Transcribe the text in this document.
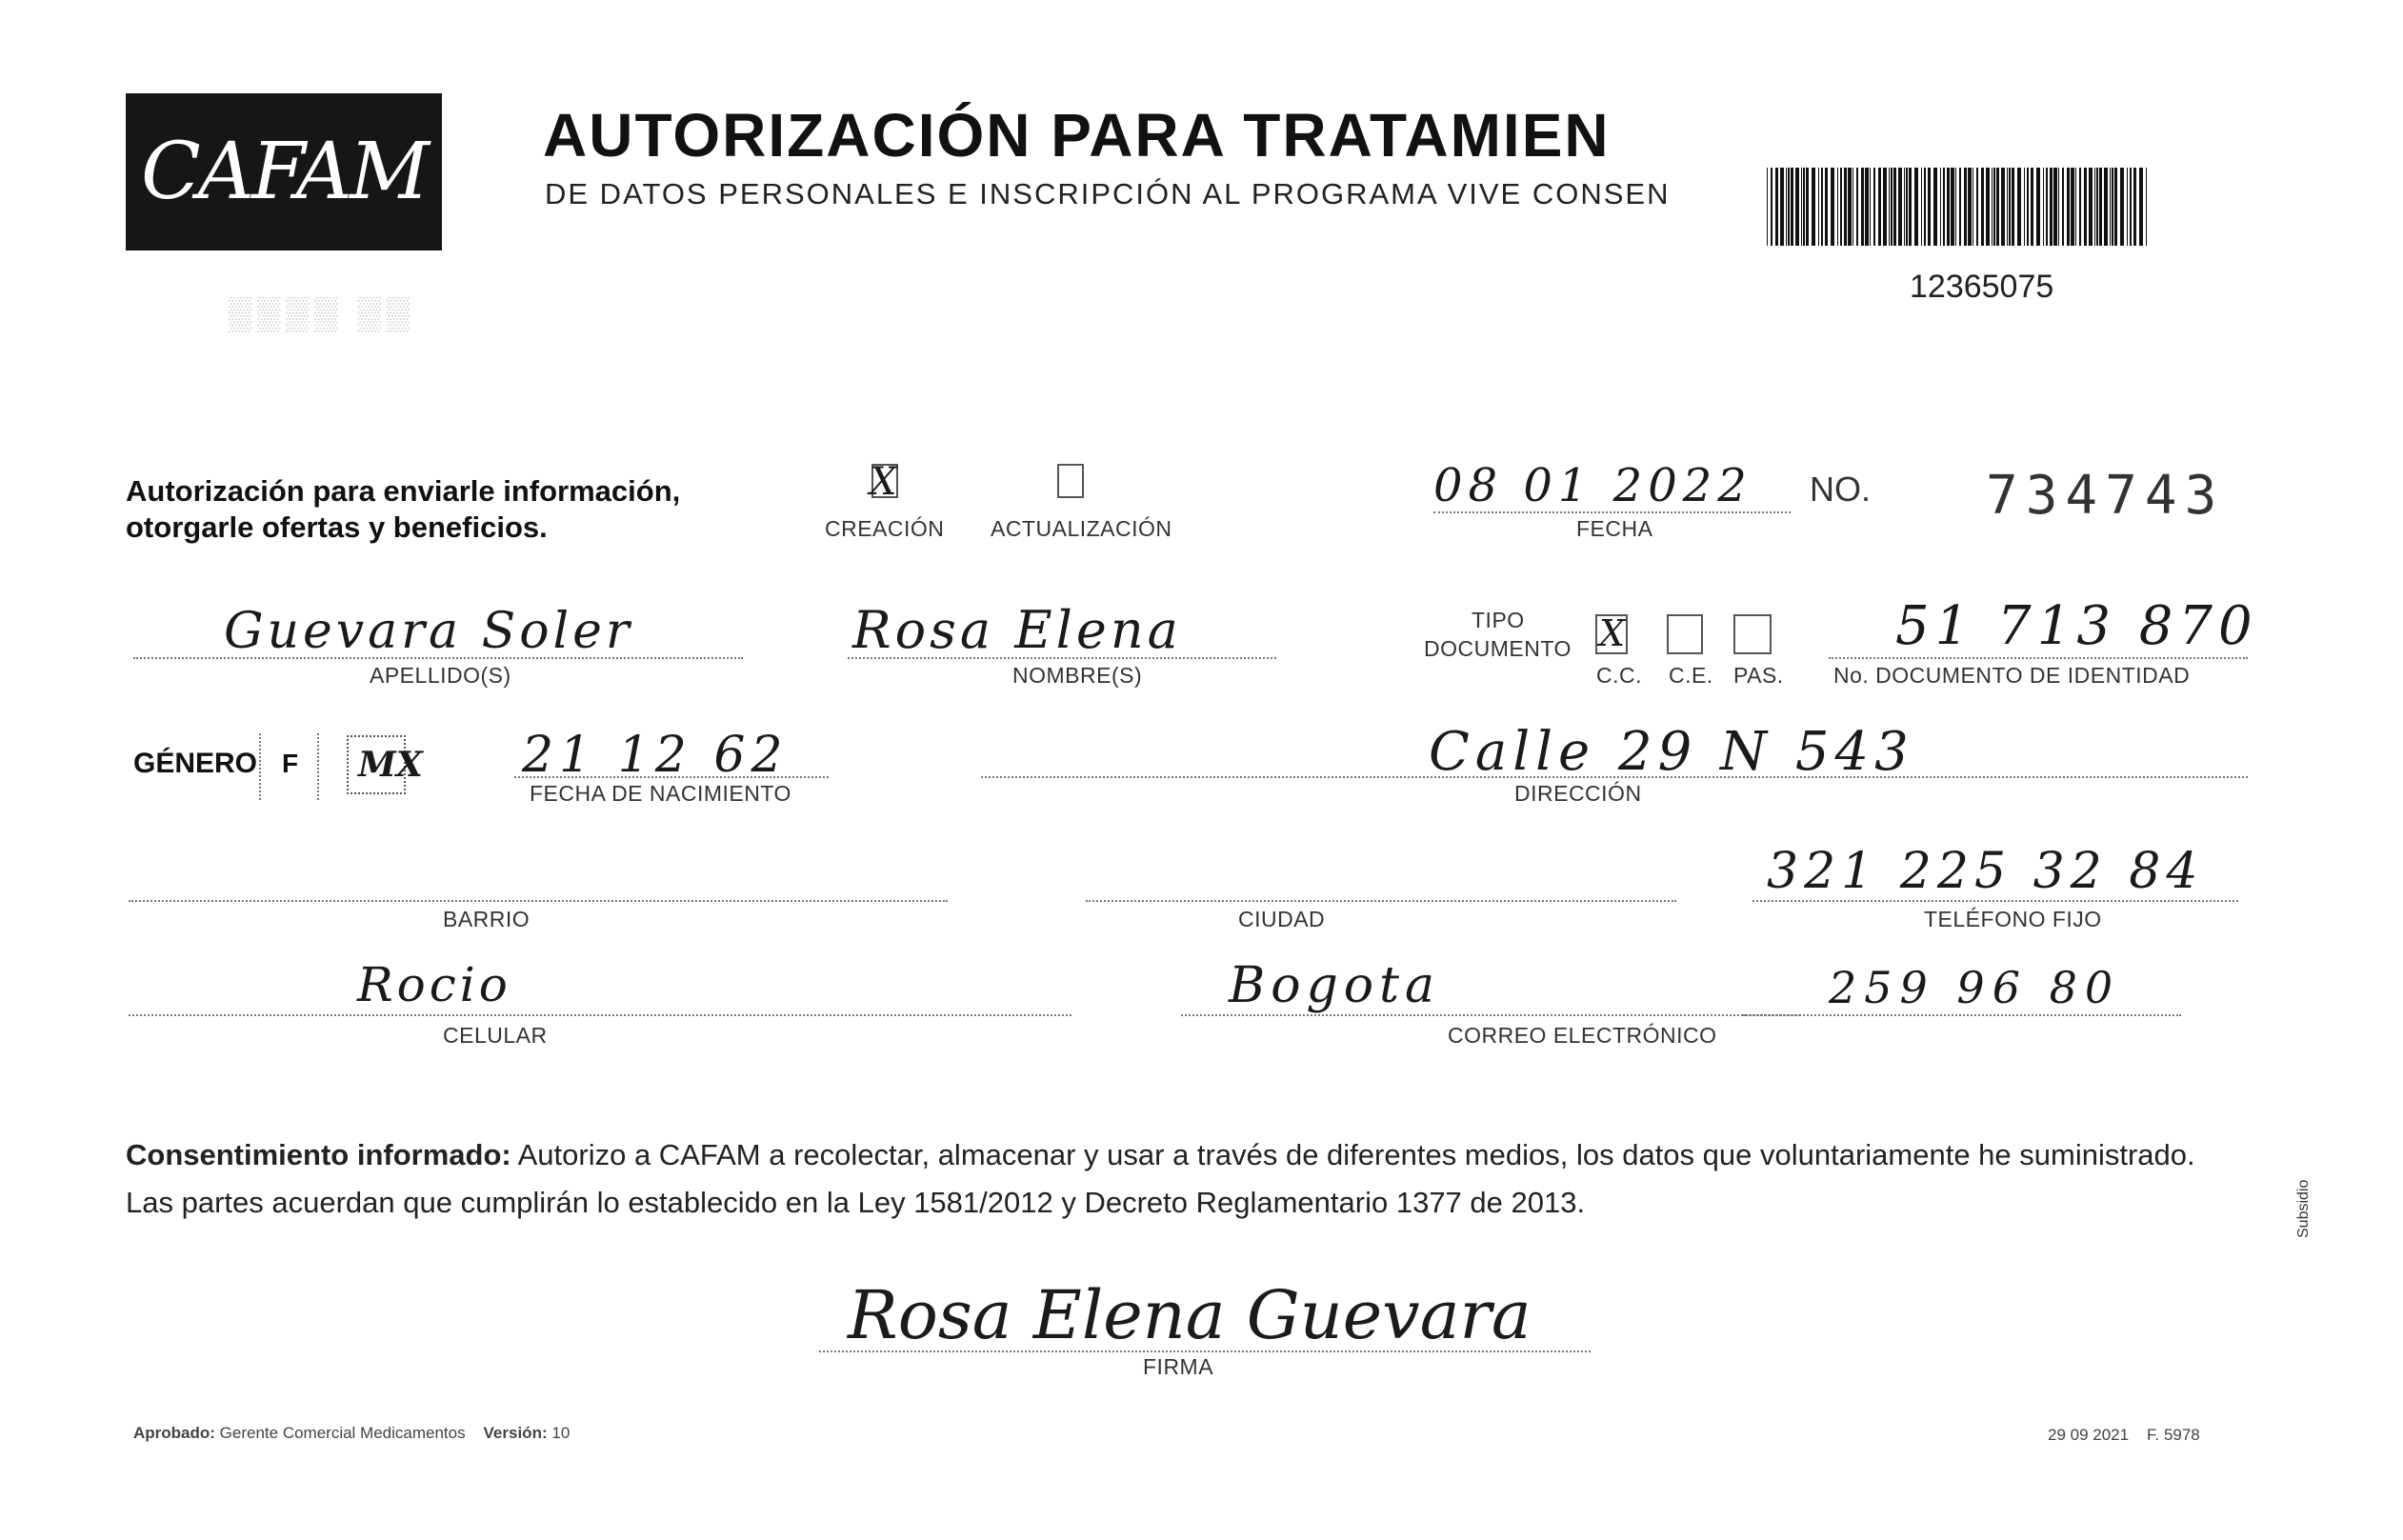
CAFAM AUTORIZACIÓN PARA TRATAMIEN
DE DATOS PERSONALES E INSCRIPCIÓN AL PROGRAMA VIVE CONSEN
▒▒▒▒ ▒▒
12365075
Autorización para enviarle información,
otorgarle ofertas y beneficios.
X
CREACIÓN ACTUALIZACIÓN
08 01 2022
FECHA
NO. 734743
Guevara Soler
APELLIDO(S)
Rosa Elena
NOMBRE(S)
TIPO
DOCUMENTO X
C.C. C.E. PAS.
51 713 870
No. DOCUMENTO DE IDENTIDAD
GÉNERO F MX 21 12 62
FECHA DE NACIMIENTO
Calle 29 N 543
DIRECCIÓN
BARRIO	CIUDAD
321 225 32 84
TELÉFONO FIJO
Rocio
CELULAR
Bogota
CORREO ELECTRÓNICO
259 96 80
Consentimiento informado: Autorizo a CAFAM a recolectar, almacenar y usar a través de diferentes medios, los datos que voluntariamente he suministrado.
Las partes acuerdan que cumplirán lo establecido en la Ley 1581/2012 y Decreto Reglamentario 1377 de 2013.
Rosa Elena Guevara
FIRMA
Aprobado: Gerente Comercial Medicamentos Versión: 10	29 09 2021 F. 5978
Subsidio
